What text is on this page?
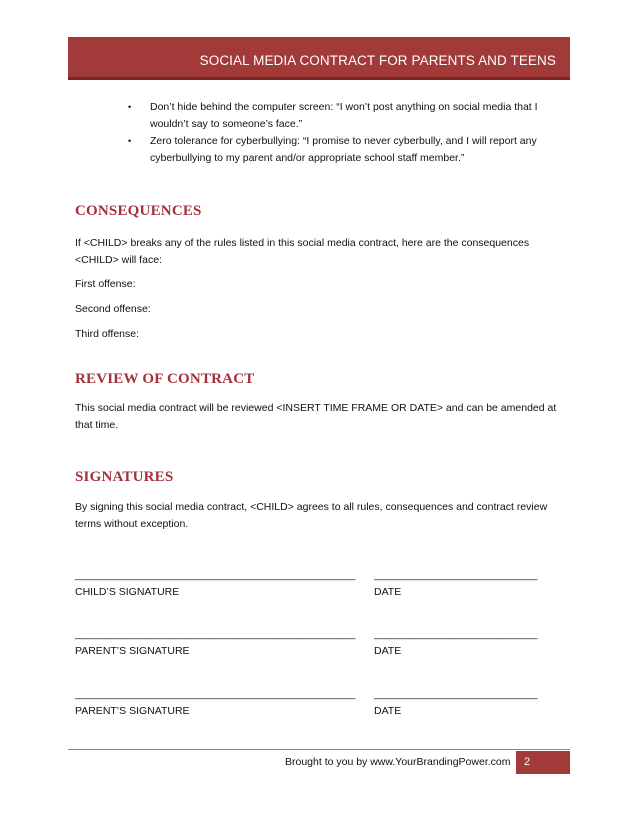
SOCIAL MEDIA CONTRACT FOR PARENTS AND TEENS
•	Don’t hide behind the computer screen: “I won’t post anything on social media that I wouldn’t say to someone’s face.”
•	Zero tolerance for cyberbullying: “I promise to never cyberbully, and I will report any cyberbullying to my parent and/or appropriate school staff member.”
CONSEQUENCES
If <CHILD> breaks any of the rules listed in this social media contract, here are the consequences <CHILD> will face:
First offense:
Second offense:
Third offense:
REVIEW OF CONTRACT
This social media contract will be reviewed <INSERT TIME FRAME OR DATE> and can be amended at that time.
SIGNATURES
By signing this social media contract, <CHILD> agrees to all rules, consequences and contract review terms without exception.
________________________________________________ ____________________________
CHILD’S SIGNATURE	DATE
________________________________________________ ____________________________
PARENT’S SIGNATURE	DATE
________________________________________________ ____________________________
PARENT’S SIGNATURE	DATE
Brought to you by www.YourBrandingPower.com 2
